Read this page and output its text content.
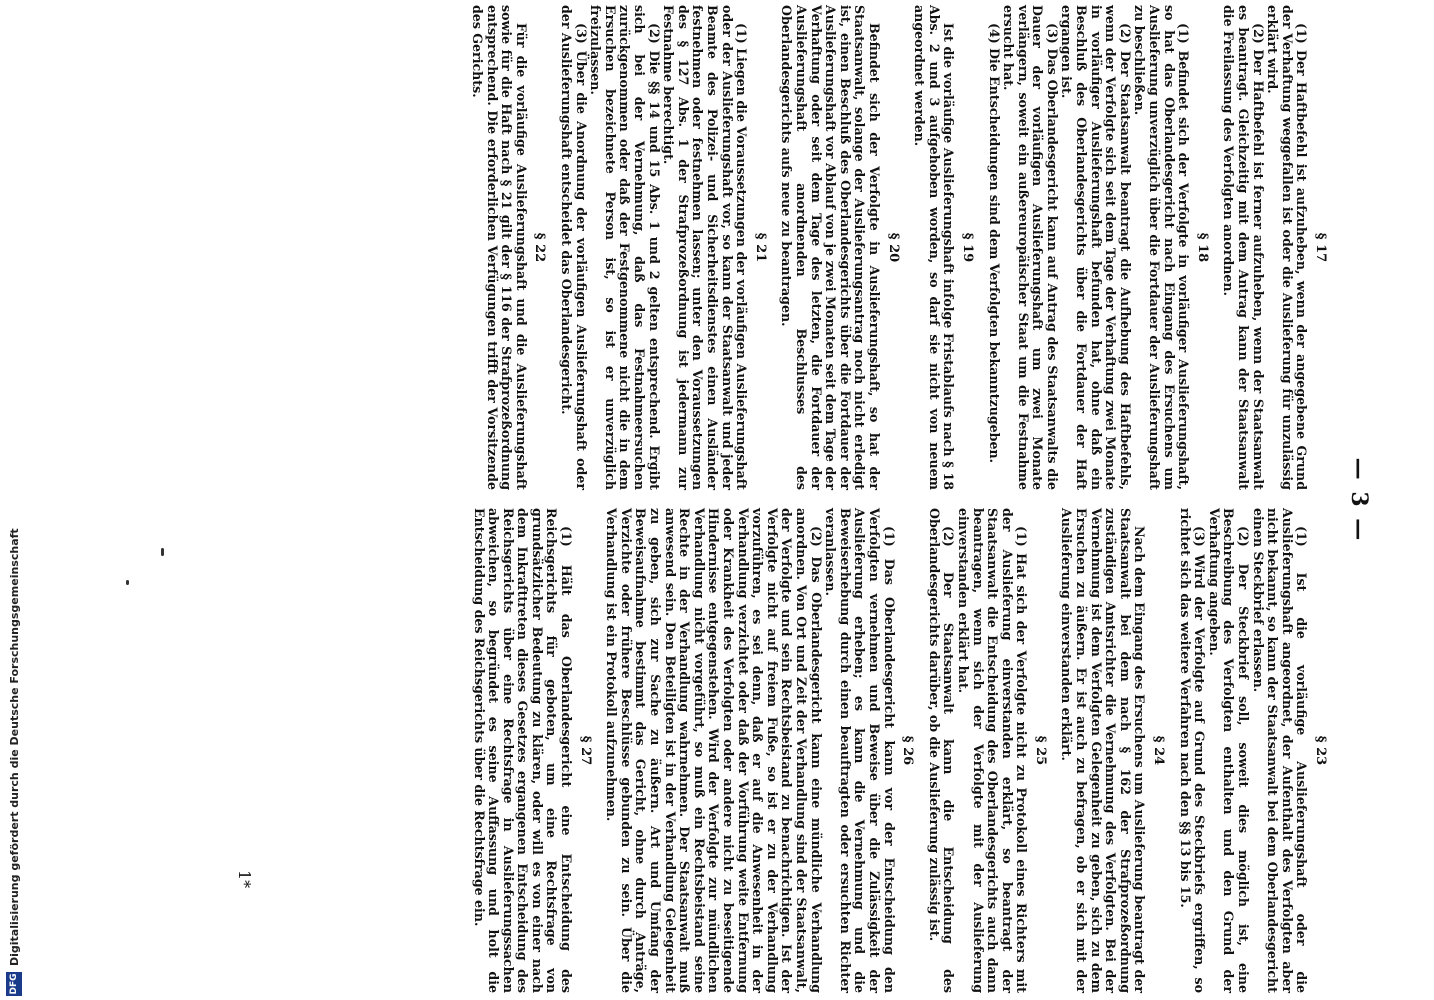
— 3 —
§ 17
(1) Der Haftbefehl ist aufzuheben, wenn der angegebene Grund der Verhaftung weggefallen ist oder die Auslieferung für unzulässig erklärt wird.
(2) Der Haftbefehl ist ferner aufzuheben, wenn der Staatsanwalt es beantragt. Gleichzeitig mit dem Antrag kann der Staatsanwalt die Freilassung des Verfolgten anordnen.
§ 18
(1) Befindet sich der Verfolgte in vorläufiger Auslieferungshaft, so hat das Oberlandesgericht nach Eingang des Ersuchens um Auslieferung unverzüglich über die Fortdauer der Auslieferungshaft zu beschließen.
(2) Der Staatsanwalt beantragt die Aufhebung des Haftbefehls, wenn der Verfolgte sich seit dem Tage der Verhaftung zwei Monate in vorläufiger Auslieferungshaft befunden hat, ohne daß ein Beschluß des Oberlandesgerichts über die Fortdauer der Haft ergangen ist.
(3) Das Oberlandesgericht kann auf Antrag des Staatsanwalts die Dauer der vorläufigen Auslieferungshaft um zwei Monate verlängern, soweit ein außereuropäischer Staat um die Festnahme ersucht hat.
(4) Die Entscheidungen sind dem Verfolgten bekanntzugeben.
§ 19
Ist die vorläufige Auslieferungshaft infolge Fristablaufs nach § 18 Abs. 2 und 3 aufgehoben worden, so darf sie nicht von neuem angeordnet werden.
§ 20
Befindet sich der Verfolgte in Auslieferungshaft, so hat der Staatsanwalt, solange der Auslieferungsantrag noch nicht erledigt ist, einen Beschluß des Oberlandesgerichts über die Fortdauer der Auslieferungshaft vor Ablauf von je zwei Monaten seit dem Tage der Verhaftung oder seit dem Tage des letzten, die Fortdauer der Auslieferungshaft anordnenden Beschlusses des Oberlandesgerichts aufs neue zu beantragen.
§ 21
(1) Liegen die Voraussetzungen der vorläufigen Auslieferungshaft oder der Auslieferungshaft vor, so kann der Staatsanwalt und jeder Beamte des Polizei- und Sicherheitsdienstes einen Ausländer festnehmen oder festnehmen lassen; unter den Voraussetzungen des § 127 Abs. 1 der Strafprozeßordnung ist jedermann zur Festnahme berechtigt.
(2) Die §§ 14 und 15 Abs. 1 und 2 gelten entsprechend. Ergibt sich bei der Vernehmung, daß das Festnahmeersuchen zurückgenommen oder daß der Festgenommene nicht die in dem Ersuchen bezeichnete Person ist, so ist er unverzüglich freizulassen.
(3) Über die Anordnung der vorläufigen Auslieferungshaft oder der Auslieferungshaft entscheidet das Oberlandesgericht.
§ 22
Für die vorläufige Auslieferungshaft und die Auslieferungshaft sowie für die Haft nach § 21 gilt der § 116 der Strafprozeßordnung entsprechend. Die erforderlichen Verfügungen trifft der Vorsitzende des Gerichts.
§ 23
(1) Ist die vorläufige Auslieferungshaft oder die Auslieferungshaft angeordnet, der Aufenthalt des Verfolgten aber nicht bekannt, so kann der Staatsanwalt bei dem Oberlandesgericht einen Steckbrief erlassen.
(2) Der Steckbrief soll, soweit dies möglich ist, eine Beschreibung des Verfolgten enthalten und den Grund der Verhaftung angeben.
(3) Wird der Verfolgte auf Grund des Steckbriefs ergriffen, so richtet sich das weitere Verfahren nach den §§ 13 bis 15.
§ 24
Nach dem Eingang des Ersuchens um Auslieferung beantragt der Staatsanwalt bei dem nach § 162 der Strafprozeßordnung zuständigen Amtsrichter die Vernehmung des Verfolgten. Bei der Vernehmung ist dem Verfolgten Gelegenheit zu geben, sich zu dem Ersuchen zu äußern. Er ist auch zu befragen, ob er sich mit der Auslieferung einverstanden erklärt.
§ 25
(1) Hat sich der Verfolgte nicht zu Protokoll eines Richters mit der Auslieferung einverstanden erklärt, so beantragt der Staatsanwalt die Entscheidung des Oberlandesgerichts auch dann beantragen, wenn sich der Verfolgte mit der Auslieferung einverstanden erklärt hat.
(2) Der Staatsanwalt kann die Entscheidung des Oberlandesgerichts darüber, ob die Auslieferung zulässig ist.
§ 26
(1) Das Oberlandesgericht kann vor der Entscheidung den Verfolgten vernehmen und Beweise über die Zulässigkeit der Auslieferung erheben; es kann die Vernehmung und die Beweiserhebung durch einen beauftragten oder ersuchten Richter veranlassen.
(2) Das Oberlandesgericht kann eine mündliche Verhandlung anordnen. Von Ort und Zeit der Verhandlung sind der Staatsanwalt, der Verfolgte und sein Rechtsbeistand zu benachrichtigen. Ist der Verfolgte nicht auf freiem Fuße, so ist er zu der Verhandlung vorzuführen, es sei denn, daß er auf die Anwesenheit in der Verhandlung verzichtet oder daß der Vorführung weite Entfernung oder Krankheit des Verfolgten oder andere nicht zu beseitigende Hindernisse entgegenstehen. Wird der Verfolgte zur mündlichen Verhandlung nicht vorgeführt, so muß ein Rechtsbeistand seine Rechte in der Verhandlung wahrnehmen. Der Staatsanwalt muß anwesend sein. Den Beteiligten ist in der Verhandlung Gelegenheit zu geben, sich zur Sache zu äußern. Art und Umfang der Beweisaufnahme bestimmt das Gericht, ohne durch Anträge, Verzichte oder frühere Beschlüsse gebunden zu sein. Über die Verhandlung ist ein Protokoll aufzunehmen.
§ 27
(1) Hält das Oberlandesgericht eine Entscheidung des Reichsgerichts für geboten, um eine Rechtsfrage von grundsätzlicher Bedeutung zu klären, oder will es von einer nach dem Inkrafttreten dieses Gesetzes ergangenen Entscheidung des Reichsgerichts über eine Rechtsfrage in Auslieferungssachen abweichen, so begründet es seine Auffassung und holt die Entscheidung des Reichsgerichts über die Rechtsfrage ein.
1*
DFG
Digitalisierung gefördert durch die Deutsche Forschungsgemeinschaft
